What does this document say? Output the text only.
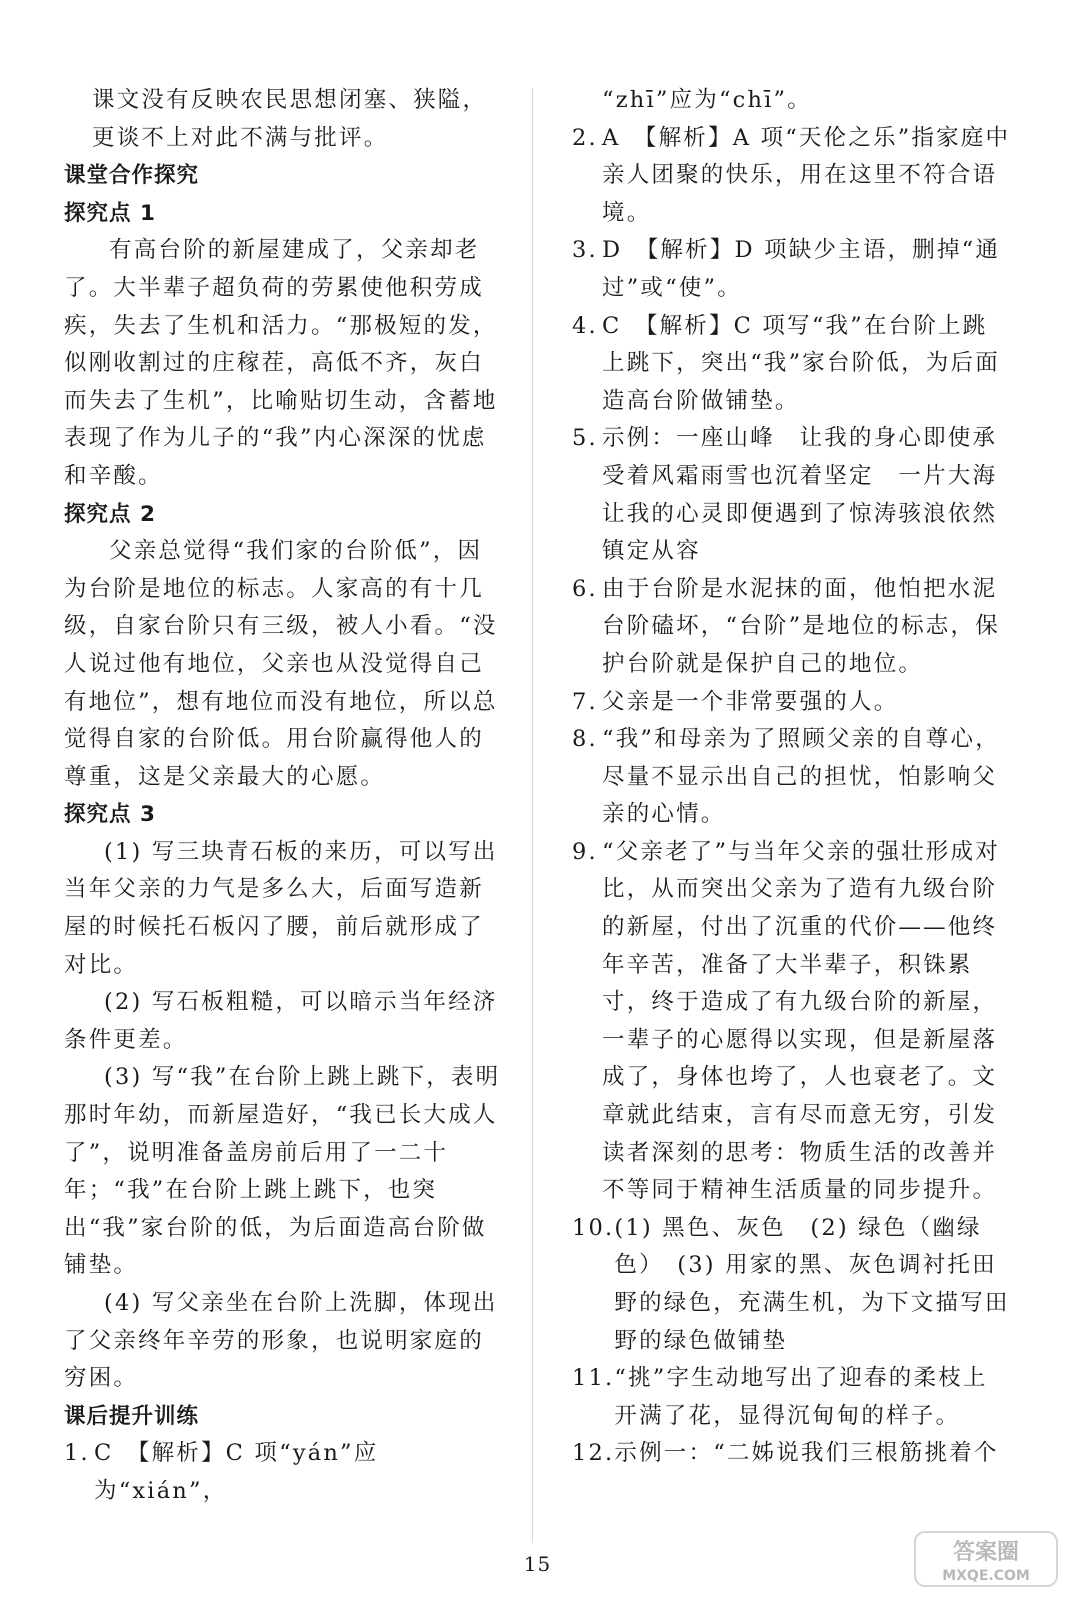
课文没有反映农民思想闭塞、狭隘，

更谈不上对此不满与批评。

课堂合作探究

探究点 1

有高台阶的新屋建成了，父亲却老了。大半辈子超负荷的劳累使他积劳成疾，失去了生机和活力。“那极短的发，似刚收割过的庄稼茬，高低不齐，灰白而失去了生机”，比喻贴切生动，含蓄地表现了作为儿子的“我”内心深深的忧虑和辛酸。

探究点 2

父亲总觉得“我们家的台阶低”，因为台阶是地位的标志。人家高的有十几级，自家台阶只有三级，被人小看。“没人说过他有地位，父亲也从没觉得自己有地位”，想有地位而没有地位，所以总觉得自家的台阶低。用台阶赢得他人的尊重，这是父亲最大的心愿。

探究点 3

(1) 写三块青石板的来历，可以写出当年父亲的力气是多么大，后面写造新屋的时候托石板闪了腰，前后就形成了对比。

(2) 写石板粗糙，可以暗示当年经济条件更差。

(3) 写“我”在台阶上跳上跳下，表明那时年幼，而新屋造好，“我已长大成人了”，说明准备盖房前后用了一二十年；“我”在台阶上跳上跳下，也突出“我”家台阶的低，为后面造高台阶做铺垫。

(4) 写父亲坐在台阶上洗脚，体现出了父亲终年辛劳的形象，也说明家庭的穷困。

课后提升训练

1. C　【解析】C 项“yán”应为“xián”，

“zhī”应为“chī”。

2. A　【解析】A 项“天伦之乐”指家庭中亲人团聚的快乐，用在这里不符合语境。
3. D　【解析】D 项缺少主语，删掉“通过”或“使”。
4. C　【解析】C 项写“我”在台阶上跳上跳下，突出“我”家台阶低，为后面造高台阶做铺垫。
5. 示例：一座山峰　让我的身心即使承受着风霜雨雪也沉着坚定　一片大海　让我的心灵即便遇到了惊涛骇浪依然镇定从容
6. 由于台阶是水泥抹的面，他怕把水泥台阶磕坏，“台阶”是地位的标志，保护台阶就是保护自己的地位。
7. 父亲是一个非常要强的人。
8. “我”和母亲为了照顾父亲的自尊心，尽量不显示出自己的担忧，怕影响父亲的心情。
9. “父亲老了”与当年父亲的强壮形成对比，从而突出父亲为了造有九级台阶的新屋，付出了沉重的代价——他终年辛苦，准备了大半辈子，积铢累寸，终于造成了有九级台阶的新屋，一辈子的心愿得以实现，但是新屋落成了，身体也垮了，人也衰老了。文章就此结束，言有尽而意无穷，引发读者深刻的思考：物质生活的改善并不等同于精神生活质量的同步提升。
10. (1) 黑色、灰色　(2) 绿色（幽绿色）　(3) 用家的黑、灰色调衬托田野的绿色，充满生机，为下文描写田野的绿色做铺垫
11. “挑”字生动地写出了迎春的柔枝上开满了花，显得沉甸甸的样子。
12. 示例一：“二姊说我们三根筋挑着个
15	答案圈
MXQE.COM
